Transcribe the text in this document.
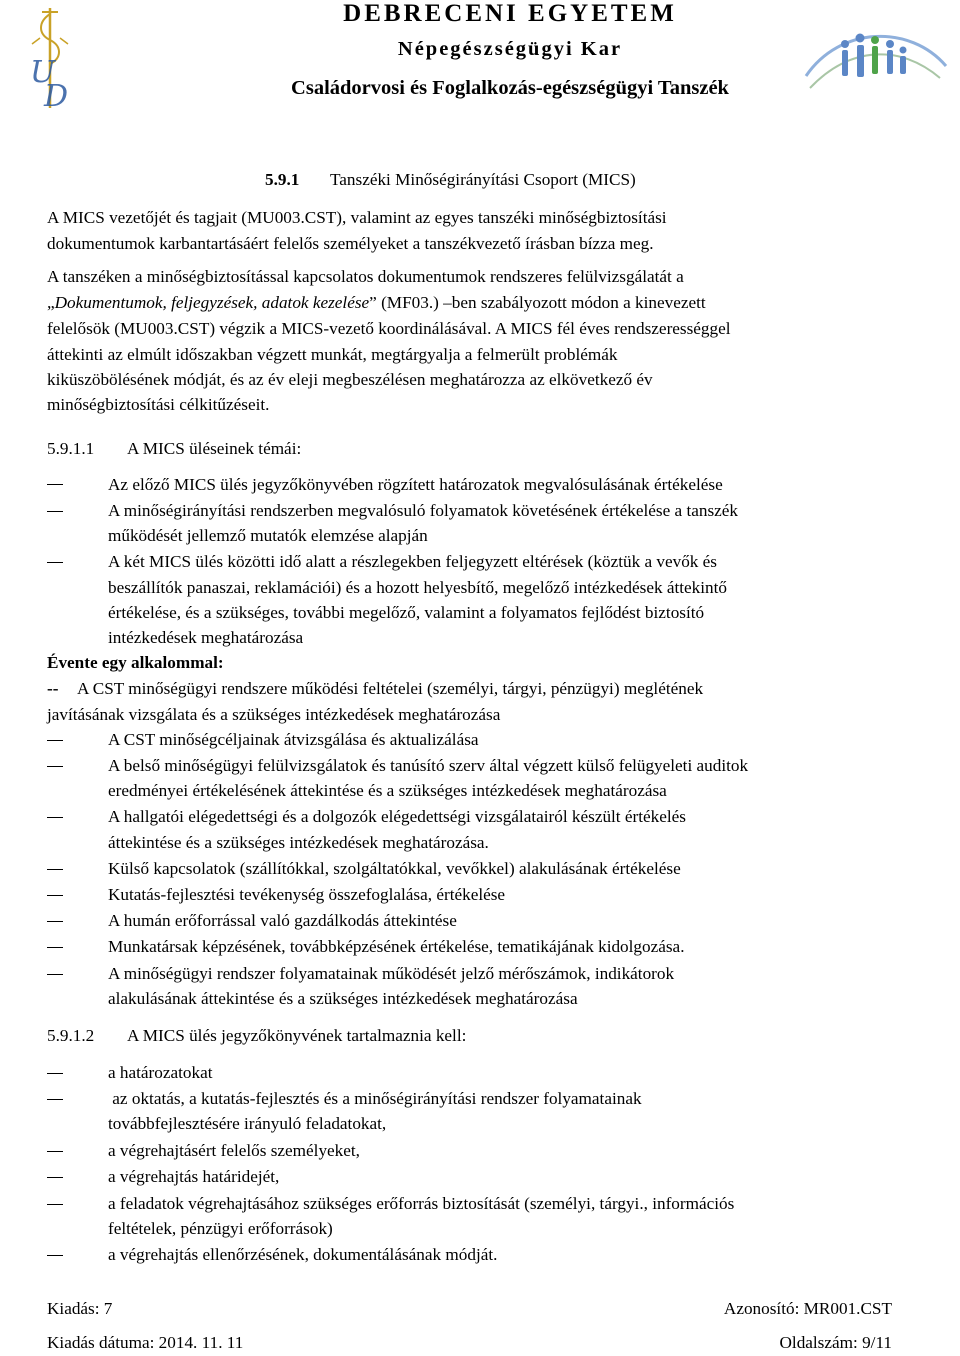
U
D
DEBRECENI EGYETEM
Népegészségügyi Kar
Családorvosi és Foglalkozás-egészségügyi Tanszék
5.9.1 Tanszéki Minőségirányítási Csoport (MICS)
A MICS vezetőjét és tagjait (MU003.CST), valamint az egyes tanszéki minőségbiztosítási
dokumentumok karbantartásáért felelős személyeket a tanszékvezető írásban bízza meg.
A tanszéken a minőségbiztosítással kapcsolatos dokumentumok rendszeres felülvizsgálatát a
„Dokumentumok, feljegyzések, adatok kezelése” (MF03.) –ben szabályozott módon a kinevezett
felelősök (MU003.CST) végzik a MICS-vezető koordinálásával. A MICS fél éves rendszerességgel
áttekinti az elmúlt időszakban végzett munkát, megtárgyalja a felmerült problémák
kiküszöbölésének módját, és az év eleji megbeszélésen meghatározza az elkövetkező év
minőségbiztosítási célkitűzéseit.
5.9.1.1 A MICS üléseinek témái:
Az előző MICS ülés jegyzőkönyvében rögzített határozatok megvalósulásának értékelése
A minőségirányítási rendszerben megvalósuló folyamatok követésének értékelése a tanszék
működését jellemző mutatók elemzése alapján
A két MICS ülés közötti idő alatt a részlegekben feljegyzett eltérések (köztük a vevők és
beszállítók panaszai, reklamációi) és a hozott helyesbítő, megelőző intézkedések áttekintő
értékelése, és a szükséges, további megelőző, valamint a folyamatos fejlődést biztosító
intézkedések meghatározása
Évente egy alkalommal:
-- A CST minőségügyi rendszere működési feltételei (személyi, tárgyi, pénzügyi) meglétének
javításának vizsgálata és a szükséges intézkedések meghatározása
A CST minőségcéljainak átvizsgálása és aktualizálása
A belső minőségügyi felülvizsgálatok és tanúsító szerv által végzett külső felügyeleti auditok
eredményei értékelésének áttekintése és a szükséges intézkedések meghatározása
A hallgatói elégedettségi és a dolgozók elégedettségi vizsgálatairól készült értékelés
áttekintése és a szükséges intézkedések meghatározása.
Külső kapcsolatok (szállítókkal, szolgáltatókkal, vevőkkel) alakulásának értékelése
Kutatás-fejlesztési tevékenység összefoglalása, értékelése
A humán erőforrással való gazdálkodás áttekintése
Munkatársak képzésének, továbbképzésének értékelése, tematikájának kidolgozása.
A minőségügyi rendszer folyamatainak működését jelző mérőszámok, indikátorok
alakulásának áttekintése és a szükséges intézkedések meghatározása
5.9.1.2 A MICS ülés jegyzőkönyvének tartalmaznia kell:
a határozatokat
az oktatás, a kutatás-fejlesztés és a minőségirányítási rendszer folyamatainak
továbbfejlesztésére irányuló feladatokat,
a végrehajtásért felelős személyeket,
a végrehajtás határidejét,
a feladatok végrehajtásához szükséges erőforrás biztosítását (személyi, tárgyi., információs
feltételek, pénzügyi erőforrások)
a végrehajtás ellenőrzésének, dokumentálásának módját.
Kiadás: 7	Azonosító: MR001.CST
Kiadás dátuma: 2014. 11. 11	Oldalszám: 9/11
